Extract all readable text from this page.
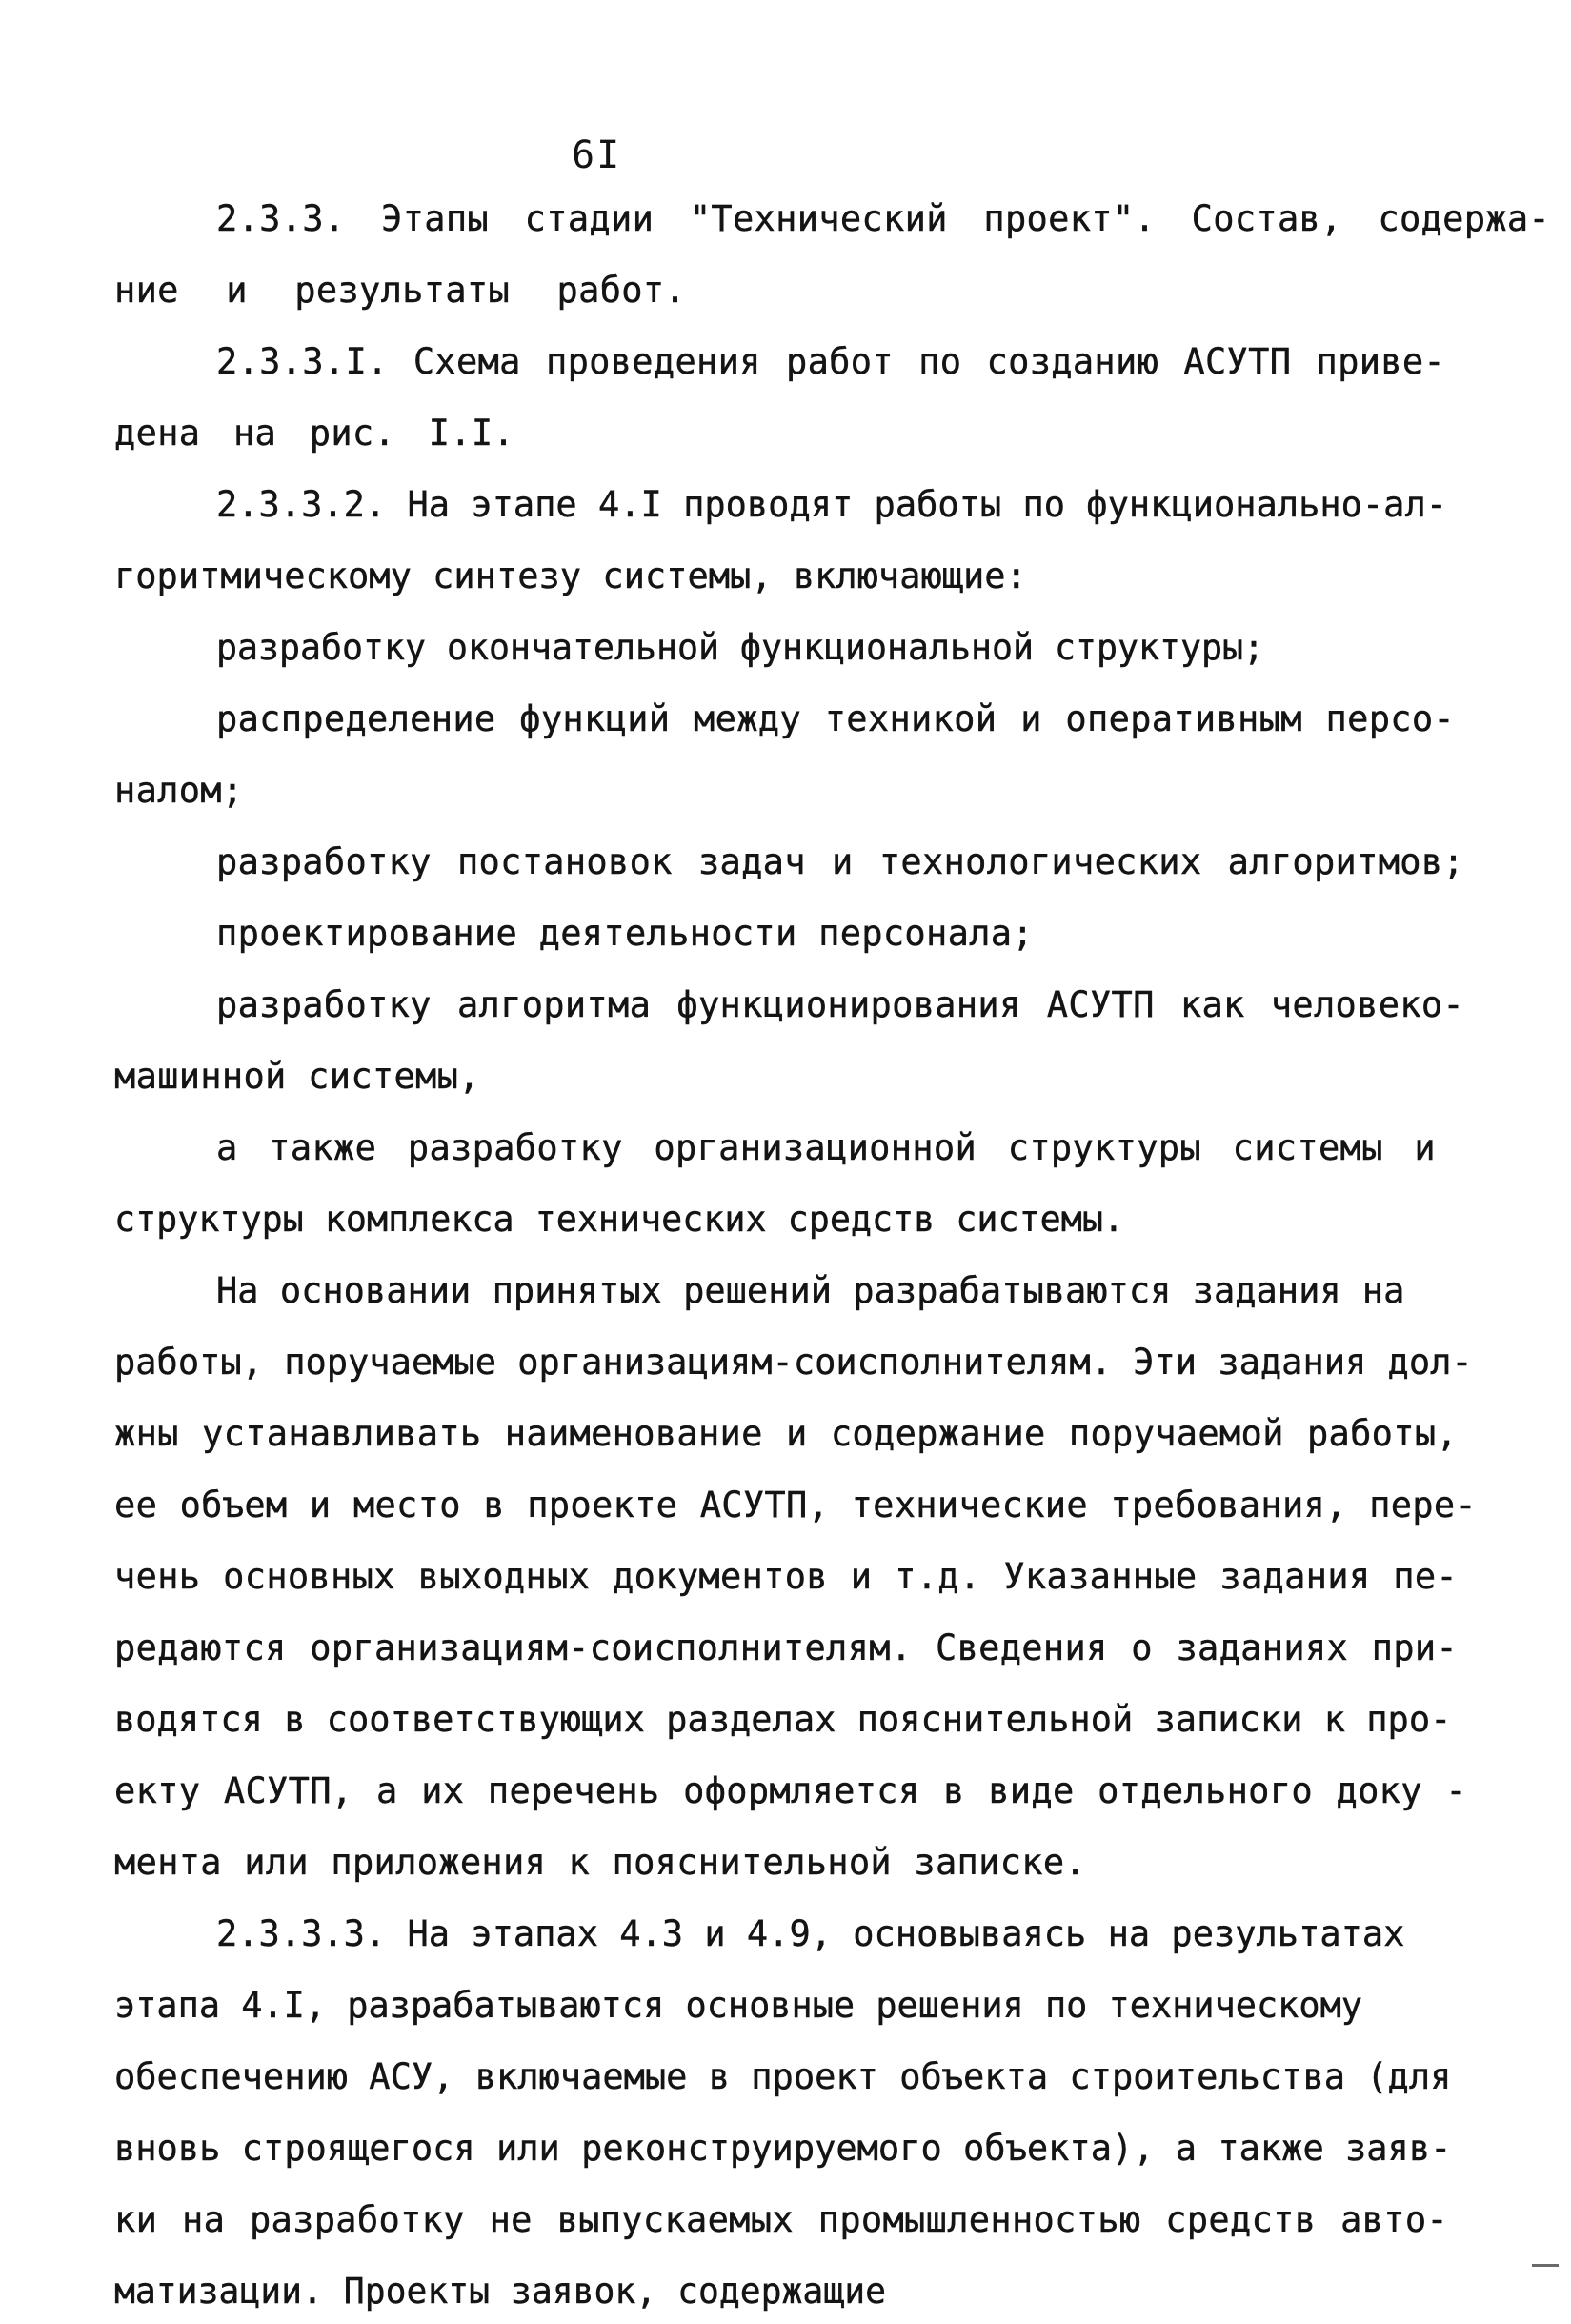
6I
2.3.3. Этапы стадии "Технический проект". Состав, содержа-
ние и результаты работ.
2.3.3.I. Схема проведения работ по созданию АСУТП приве-
дена на рис. I.I.
2.3.3.2. На этапе 4.I проводят работы по функционально-ал-
горитмическому синтезу системы, включающие:
разработку окончательной функциональной структуры;
распределение функций между техникой и оперативным персо-
налом;
разработку постановок задач и технологических алгоритмов;
проектирование деятельности персонала;
разработку алгоритма функционирования АСУТП как человеко-
машинной системы,
а также разработку организационной структуры системы и
структуры комплекса технических средств системы.
На основании принятых решений разрабатываются задания на
работы, поручаемые организациям-соисполнителям. Эти задания дол-
жны устанавливать наименование и содержание поручаемой работы,
ее объем и место в проекте АСУТП, технические требования, пере-
чень основных выходных документов и т.д. Указанные задания пе-
редаются организациям-соисполнителям. Сведения о заданиях при-
водятся в соответствующих разделах пояснительной записки к про-
екту АСУТП, а их перечень оформляется в виде отдельного доку -
мента или приложения к пояснительной записке.
2.3.3.3. На этапах 4.3 и 4.9, основываясь на результатах
этапа 4.I, разрабатываются основные решения по техническому
обеспечению АСУ, включаемые в проект объекта строительства (для
вновь строящегося или реконструируемого объекта), а также заяв-
ки на разработку не выпускаемых промышленностью средств авто-
матизации. Проекты заявок, содержащие
